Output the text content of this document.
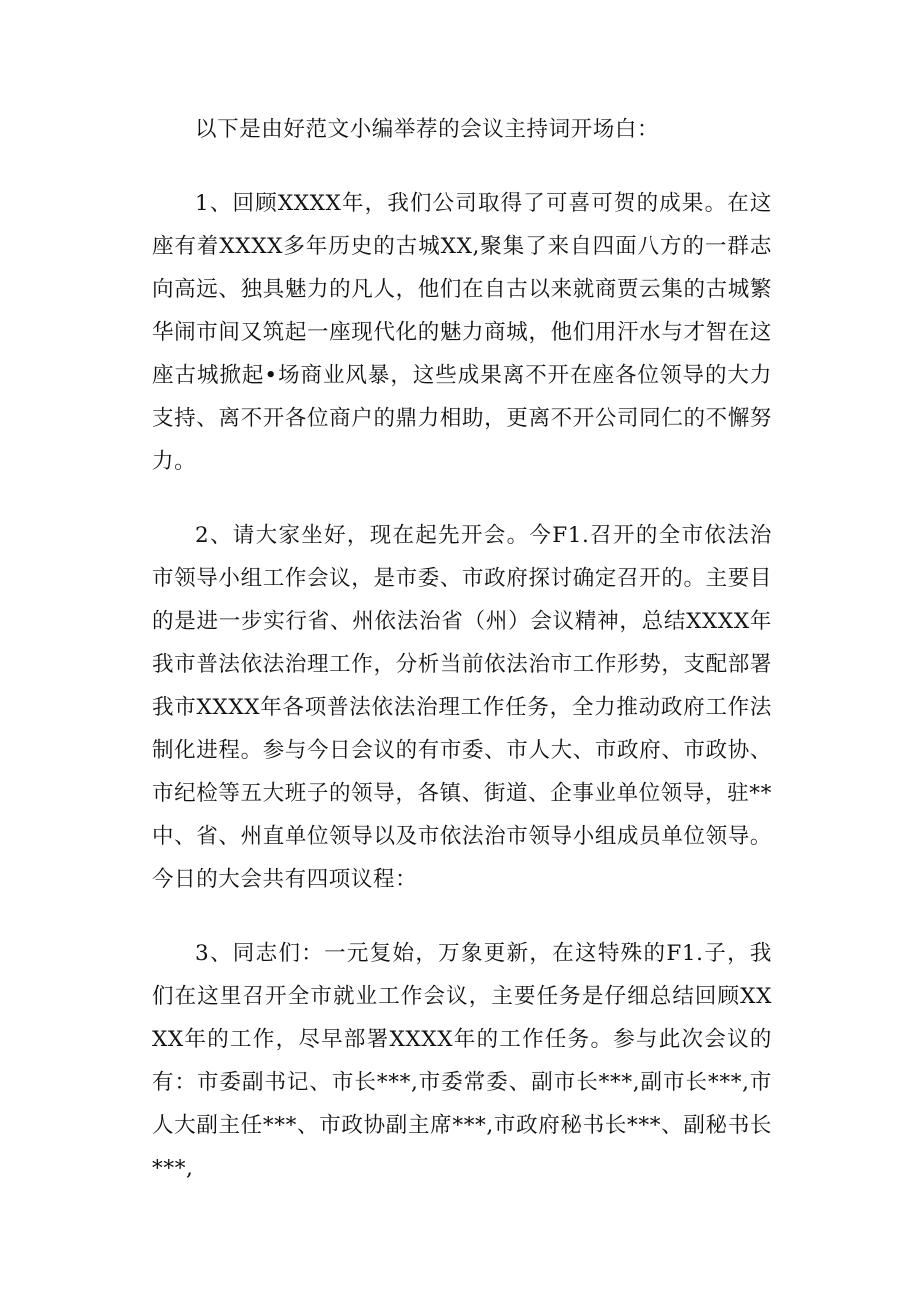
以下是由好范文小编举荐的会议主持词开场白：

1、回顾XXXX年，我们公司取得了可喜可贺的成果。在这座有着XXXX多年历史的古城XX,聚集了来自四面八方的一群志向高远、独具魅力的凡人，他们在自古以来就商贾云集的古城繁华闹市间又筑起一座现代化的魅力商城，他们用汗水与才智在这座古城掀起•场商业风暴，这些成果离不开在座各位领导的大力支持、离不开各位商户的鼎力相助，更离不开公司同仁的不懈努力。

2、请大家坐好，现在起先开会。今F1.召开的全市依法治市领导小组工作会议，是市委、市政府探讨确定召开的。主要目的是进一步实行省、州依法治省（州）会议精神，总结XXXX年我市普法依法治理工作，分析当前依法治市工作形势，支配部署我市XXXX年各项普法依法治理工作任务，全力推动政府工作法制化进程。参与今日会议的有市委、市人大、市政府、市政协、市纪检等五大班子的领导，各镇、街道、企事业单位领导，驻**中、省、州直单位领导以及市依法治市领导小组成员单位领导。今日的大会共有四项议程：

3、同志们：一元复始，万象更新，在这特殊的F1.子，我们在这里召开全市就业工作会议，主要任务是仔细总结回顾XXXX年的工作，尽早部署XXXX年的工作任务。参与此次会议的有：市委副书记、市长***,市委常委、副市长***,副市长***,市人大副主任***、市政协副主席***,市政府秘书长***、副秘书长***,
